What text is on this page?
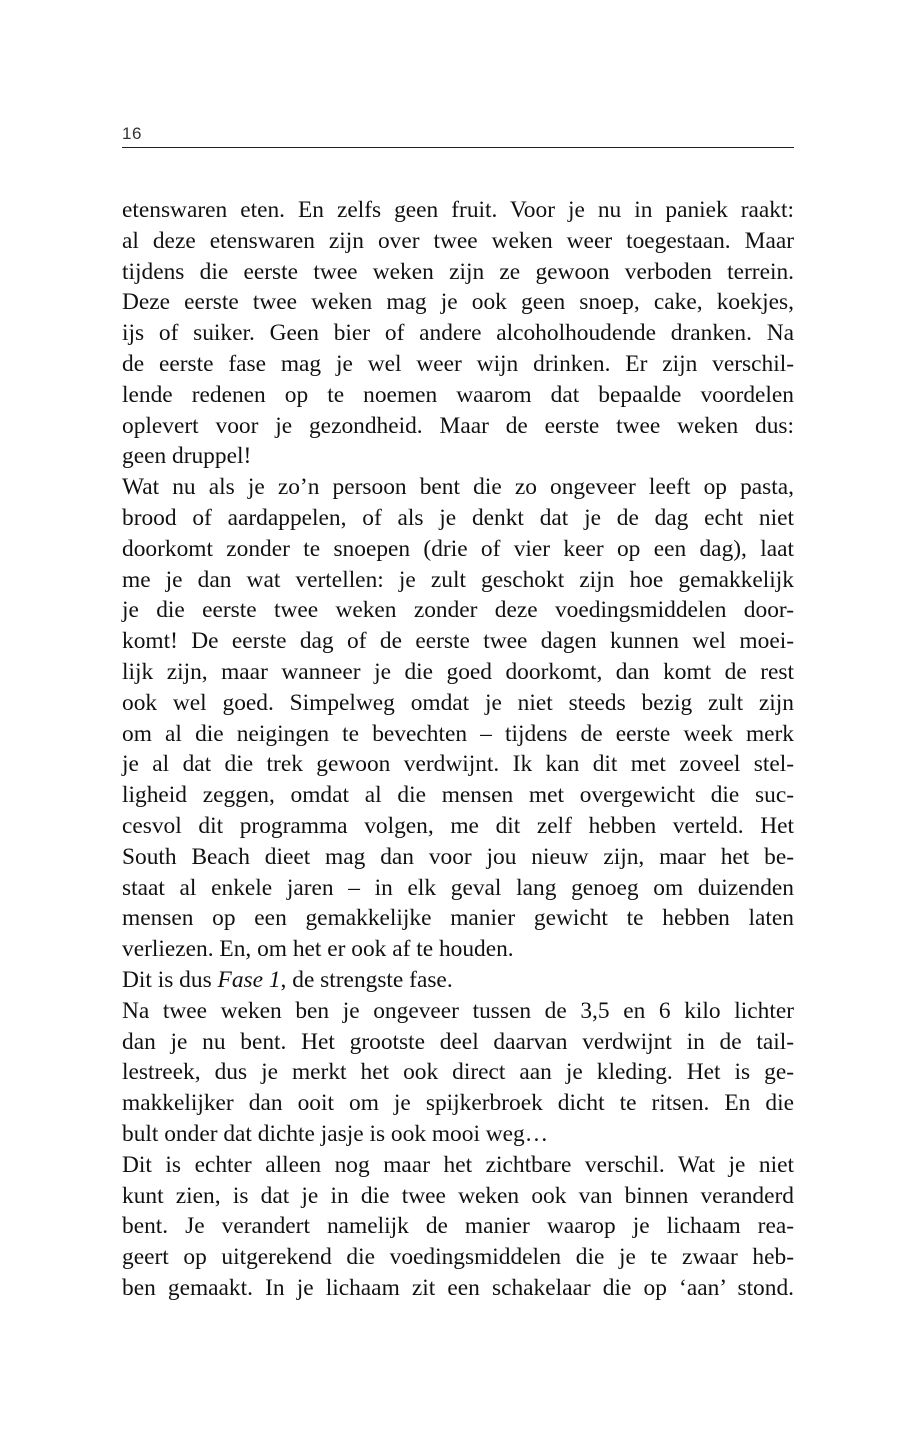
16
etenswaren eten. En zelfs geen fruit. Voor je nu in paniek raakt:
al deze etenswaren zijn over twee weken weer toegestaan. Maar
tijdens die eerste twee weken zijn ze gewoon verboden terrein.
Deze eerste twee weken mag je ook geen snoep, cake, koekjes,
ijs of suiker. Geen bier of andere alcoholhoudende dranken. Na
de eerste fase mag je wel weer wijn drinken. Er zijn verschil-
lende redenen op te noemen waarom dat bepaalde voordelen
oplevert voor je gezondheid. Maar de eerste twee weken dus:
geen druppel!
Wat nu als je zo’n persoon bent die zo ongeveer leeft op pasta,
brood of aardappelen, of als je denkt dat je de dag echt niet
doorkomt zonder te snoepen (drie of vier keer op een dag), laat
me je dan wat vertellen: je zult geschokt zijn hoe gemakkelijk
je die eerste twee weken zonder deze voedingsmiddelen door-
komt! De eerste dag of de eerste twee dagen kunnen wel moei-
lijk zijn, maar wanneer je die goed doorkomt, dan komt de rest
ook wel goed. Simpelweg omdat je niet steeds bezig zult zijn
om al die neigingen te bevechten – tijdens de eerste week merk
je al dat die trek gewoon verdwijnt. Ik kan dit met zoveel stel-
ligheid zeggen, omdat al die mensen met overgewicht die suc-
cesvol dit programma volgen, me dit zelf hebben verteld. Het
South Beach dieet mag dan voor jou nieuw zijn, maar het be-
staat al enkele jaren – in elk geval lang genoeg om duizenden
mensen op een gemakkelijke manier gewicht te hebben laten
verliezen. En, om het er ook af te houden.
Dit is dus Fase 1, de strengste fase.
Na twee weken ben je ongeveer tussen de 3,5 en 6 kilo lichter
dan je nu bent. Het grootste deel daarvan verdwijnt in de tail-
lestreek, dus je merkt het ook direct aan je kleding. Het is ge-
makkelijker dan ooit om je spijkerbroek dicht te ritsen. En die
bult onder dat dichte jasje is ook mooi weg…
Dit is echter alleen nog maar het zichtbare verschil. Wat je niet
kunt zien, is dat je in die twee weken ook van binnen veranderd
bent. Je verandert namelijk de manier waarop je lichaam rea-
geert op uitgerekend die voedingsmiddelen die je te zwaar heb-
ben gemaakt. In je lichaam zit een schakelaar die op ‘aan’ stond.
